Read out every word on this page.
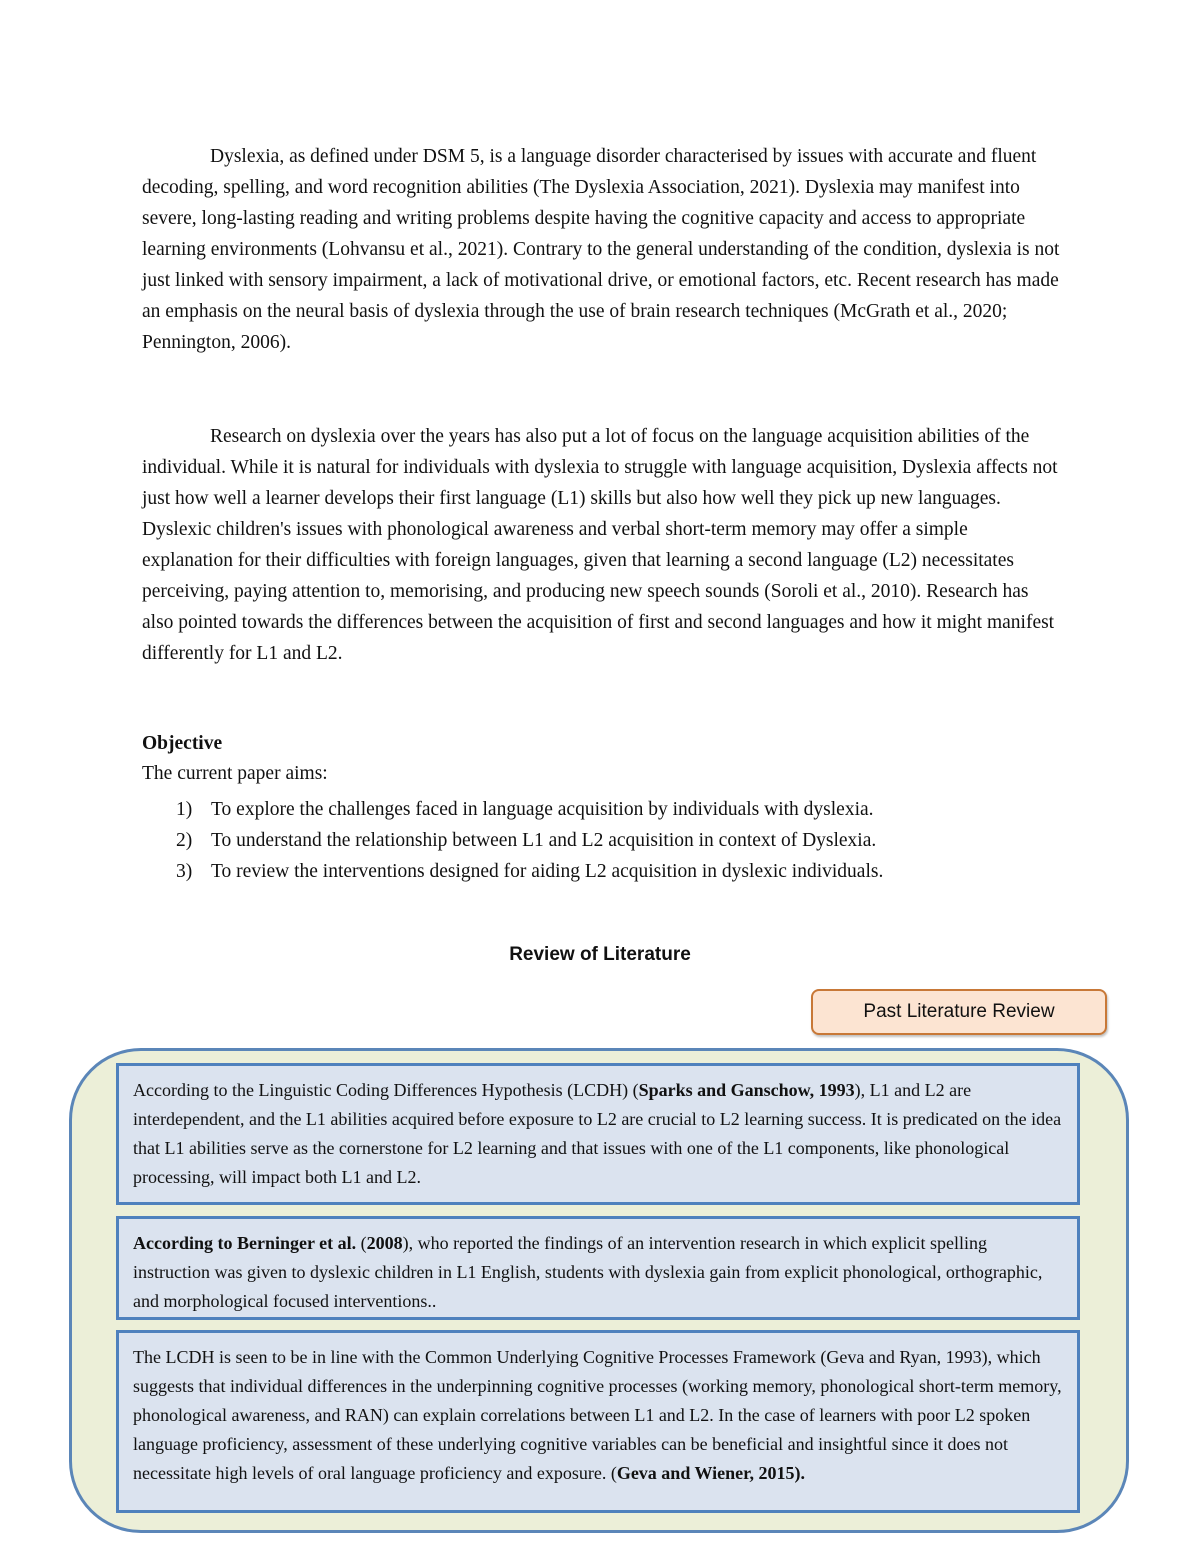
Dyslexia, as defined under DSM 5, is a language disorder characterised by issues with accurate and fluent decoding, spelling, and word recognition abilities (The Dyslexia Association, 2021). Dyslexia may manifest into severe, long-lasting reading and writing problems despite having the cognitive capacity and access to appropriate learning environments (Lohvansu et al., 2021). Contrary to the general understanding of the condition, dyslexia is not just linked with sensory impairment, a lack of motivational drive, or emotional factors, etc. Recent research has made an emphasis on the neural basis of dyslexia through the use of brain research techniques (McGrath et al., 2020; Pennington, 2006).

Research on dyslexia over the years has also put a lot of focus on the language acquisition abilities of the individual. While it is natural for individuals with dyslexia to struggle with language acquisition, Dyslexia affects not just how well a learner develops their first language (L1) skills but also how well they pick up new languages. Dyslexic children's issues with phonological awareness and verbal short-term memory may offer a simple explanation for their difficulties with foreign languages, given that learning a second language (L2) necessitates perceiving, paying attention to, memorising, and producing new speech sounds (Soroli et al., 2010). Research has also pointed towards the differences between the acquisition of first and second languages and how it might manifest differently for L1 and L2.

Objective

The current paper aims:

1) To explore the challenges faced in language acquisition by individuals with dyslexia.
2) To understand the relationship between L1 and L2 acquisition in context of Dyslexia.
3) To review the interventions designed for aiding L2 acquisition in dyslexic individuals.
Review of Literature
Past Literature Review

According to the Linguistic Coding Differences Hypothesis (LCDH) (Sparks and Ganschow, 1993), L1 and L2 are interdependent, and the L1 abilities acquired before exposure to L2 are crucial to L2 learning success. It is predicated on the idea that L1 abilities serve as the cornerstone for L2 learning and that issues with one of the L1 components, like phonological processing, will impact both L1 and L2.

According to Berninger et al. (2008), who reported the findings of an intervention research in which explicit spelling instruction was given to dyslexic children in L1 English, students with dyslexia gain from explicit phonological, orthographic, and morphological focused interventions..

The LCDH is seen to be in line with the Common Underlying Cognitive Processes Framework (Geva and Ryan, 1993), which suggests that individual differences in the underpinning cognitive processes (working memory, phonological short-term memory, phonological awareness, and RAN) can explain correlations between L1 and L2. In the case of learners with poor L2 spoken language proficiency, assessment of these underlying cognitive variables can be beneficial and insightful since it does not necessitate high levels of oral language proficiency and exposure. (Geva and Wiener, 2015).
